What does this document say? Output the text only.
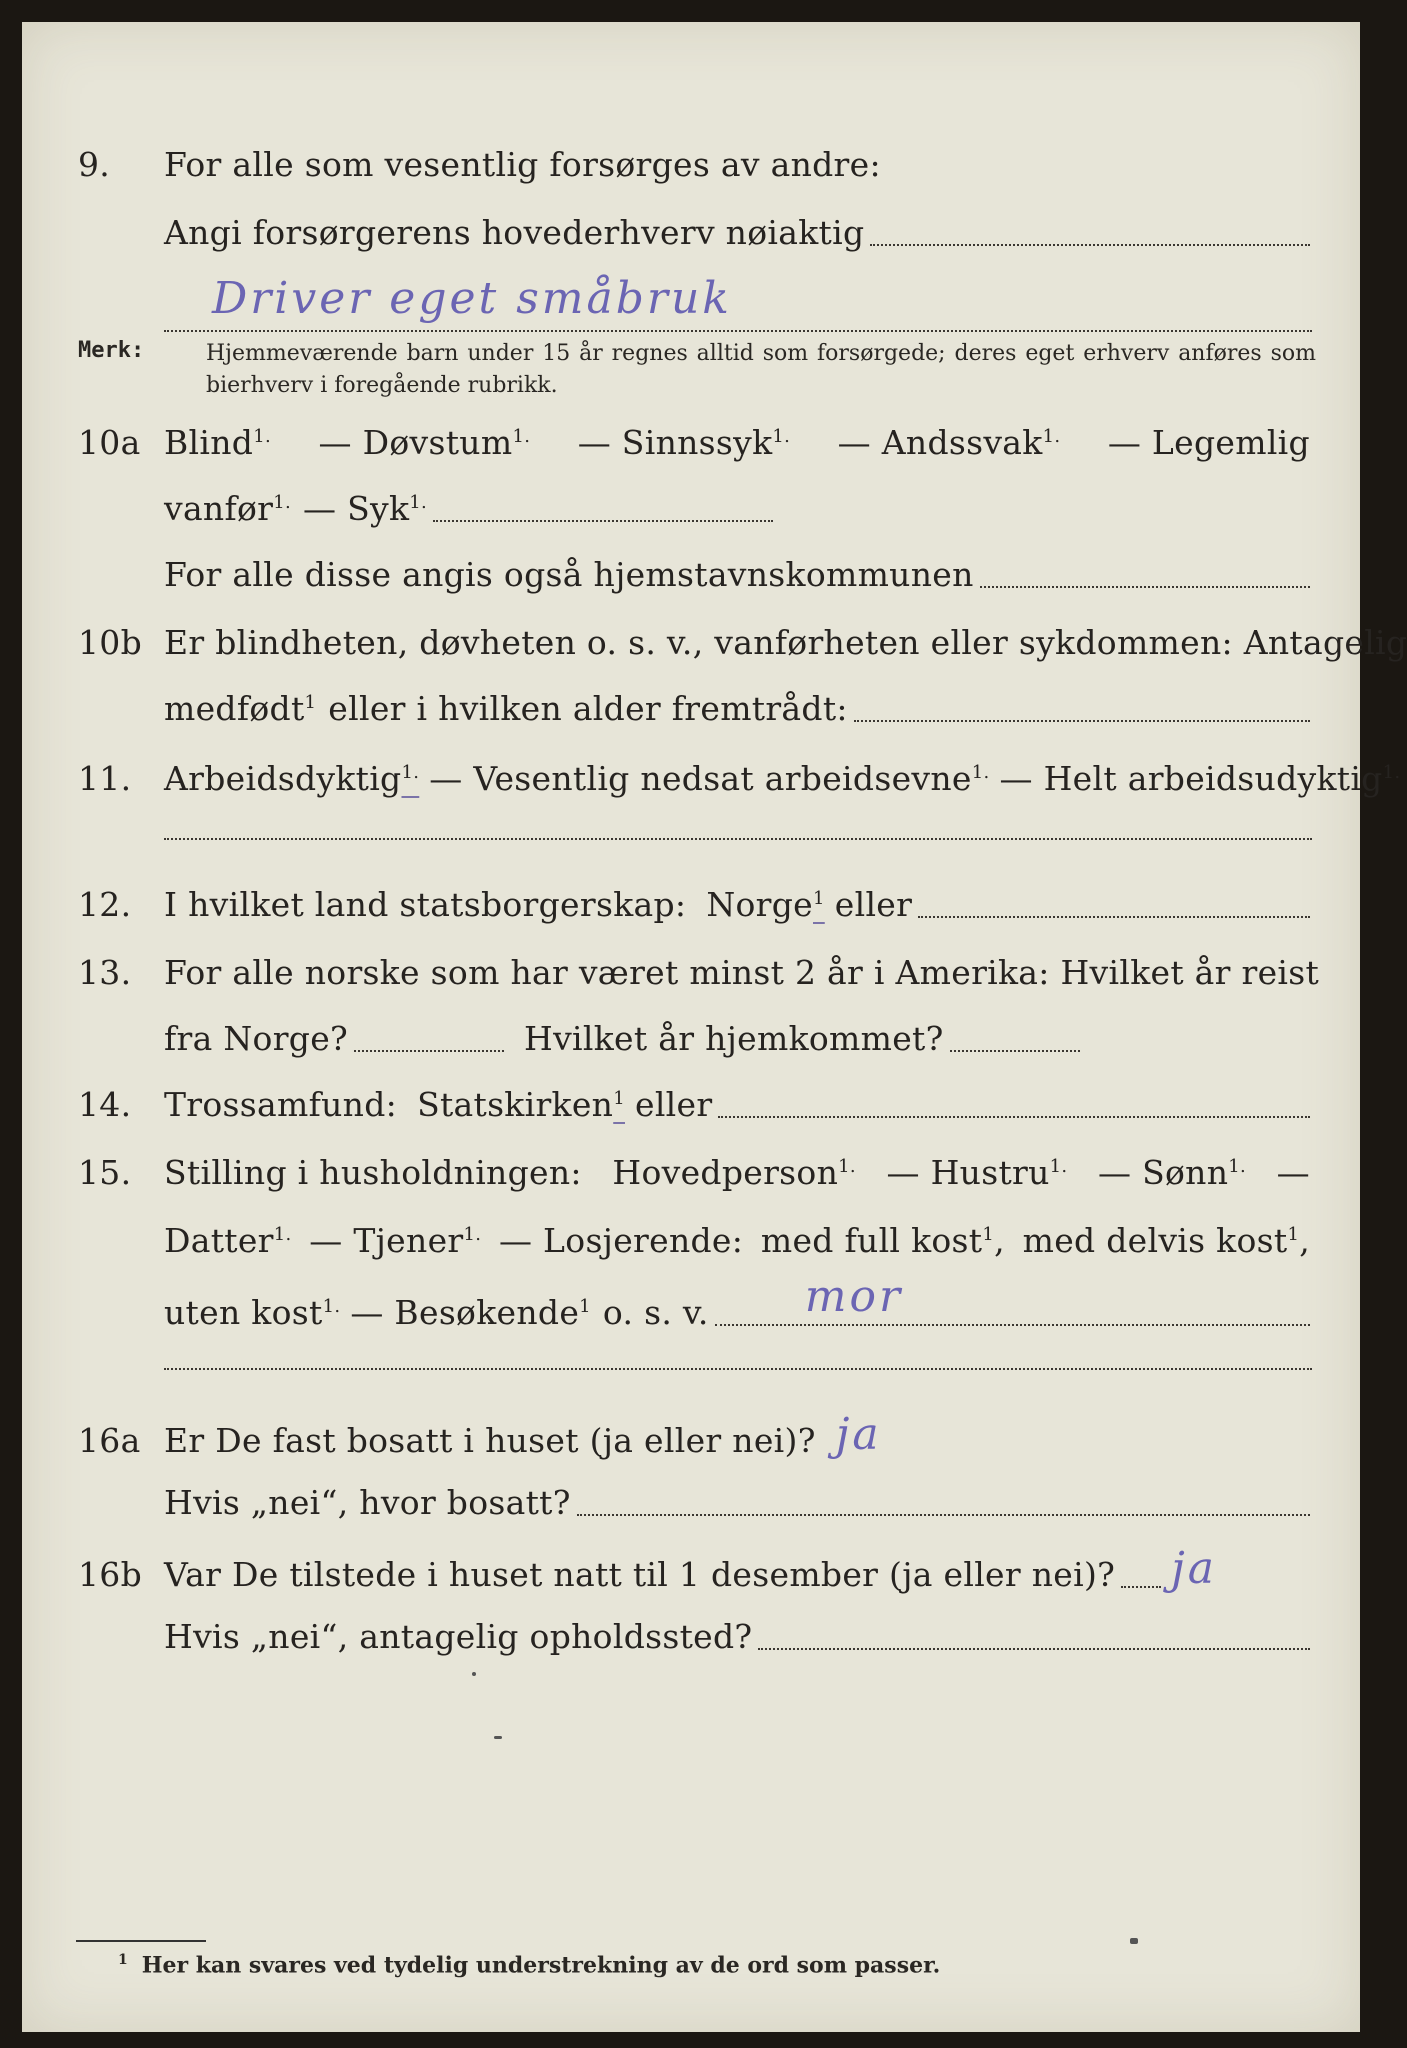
9. For alle som vesentlig forsørges av andre:
Angi forsørgerens hovederhverv nøiaktig
Driver eget småbruk
Merk:	Hjemmeværende barn under 15 år regnes alltid som forsørgede; deres eget erhverv anføres som bierhverv i foregående rubrikk.
10a Blind$^{1.}$ — Døvstum$^{1.}$ — Sinnssyk$^{1.}$ — Andssvak$^{1.}$ — Legemlig
vanfør$^{1.}$ — Syk$^{1.}$
For alle disse angis også hjemstavnskommunen
10b Er blindheten, døvheten o. s. v., vanførheten eller sykdommen: Antagelig
medfødt$^1$ eller i hvilken alder fremtrådt:
11. Arbeidsdyktig$^{1.}$ — Vesentlig nedsat arbeidsevne$^{1.}$ — Helt arbeidsudyktig$^{1.}$
12. I hvilket land statsborgerskap: Norge$^1$ eller
13. For alle norske som har været minst 2 år i Amerika: Hvilket år reist
fra Norge?	Hvilket år hjemkommet?
14. Trossamfund: Statskirken$^1$ eller
15. Stilling i husholdningen: Hovedperson$^{1.}$ — Hustru$^{1.}$ — Sønn$^{1.}$ —
Datter$^{1.}$ — Tjener$^{1.}$ — Losjerende: med full kost$^1$, med delvis kost$^1$,
uten kost$^{1.}$ — Besøkende$^1$ o. s. v. mor
16a Er De fast bosatt i huset (ja eller nei)? ja
Hvis „nei“, hvor bosatt?
16b Var De tilstede i huset natt til 1 desember (ja eller nei)? ja
Hvis „nei“, antagelig opholdssted?
$^1$ Her kan svares ved tydelig understrekning av de ord som passer.
